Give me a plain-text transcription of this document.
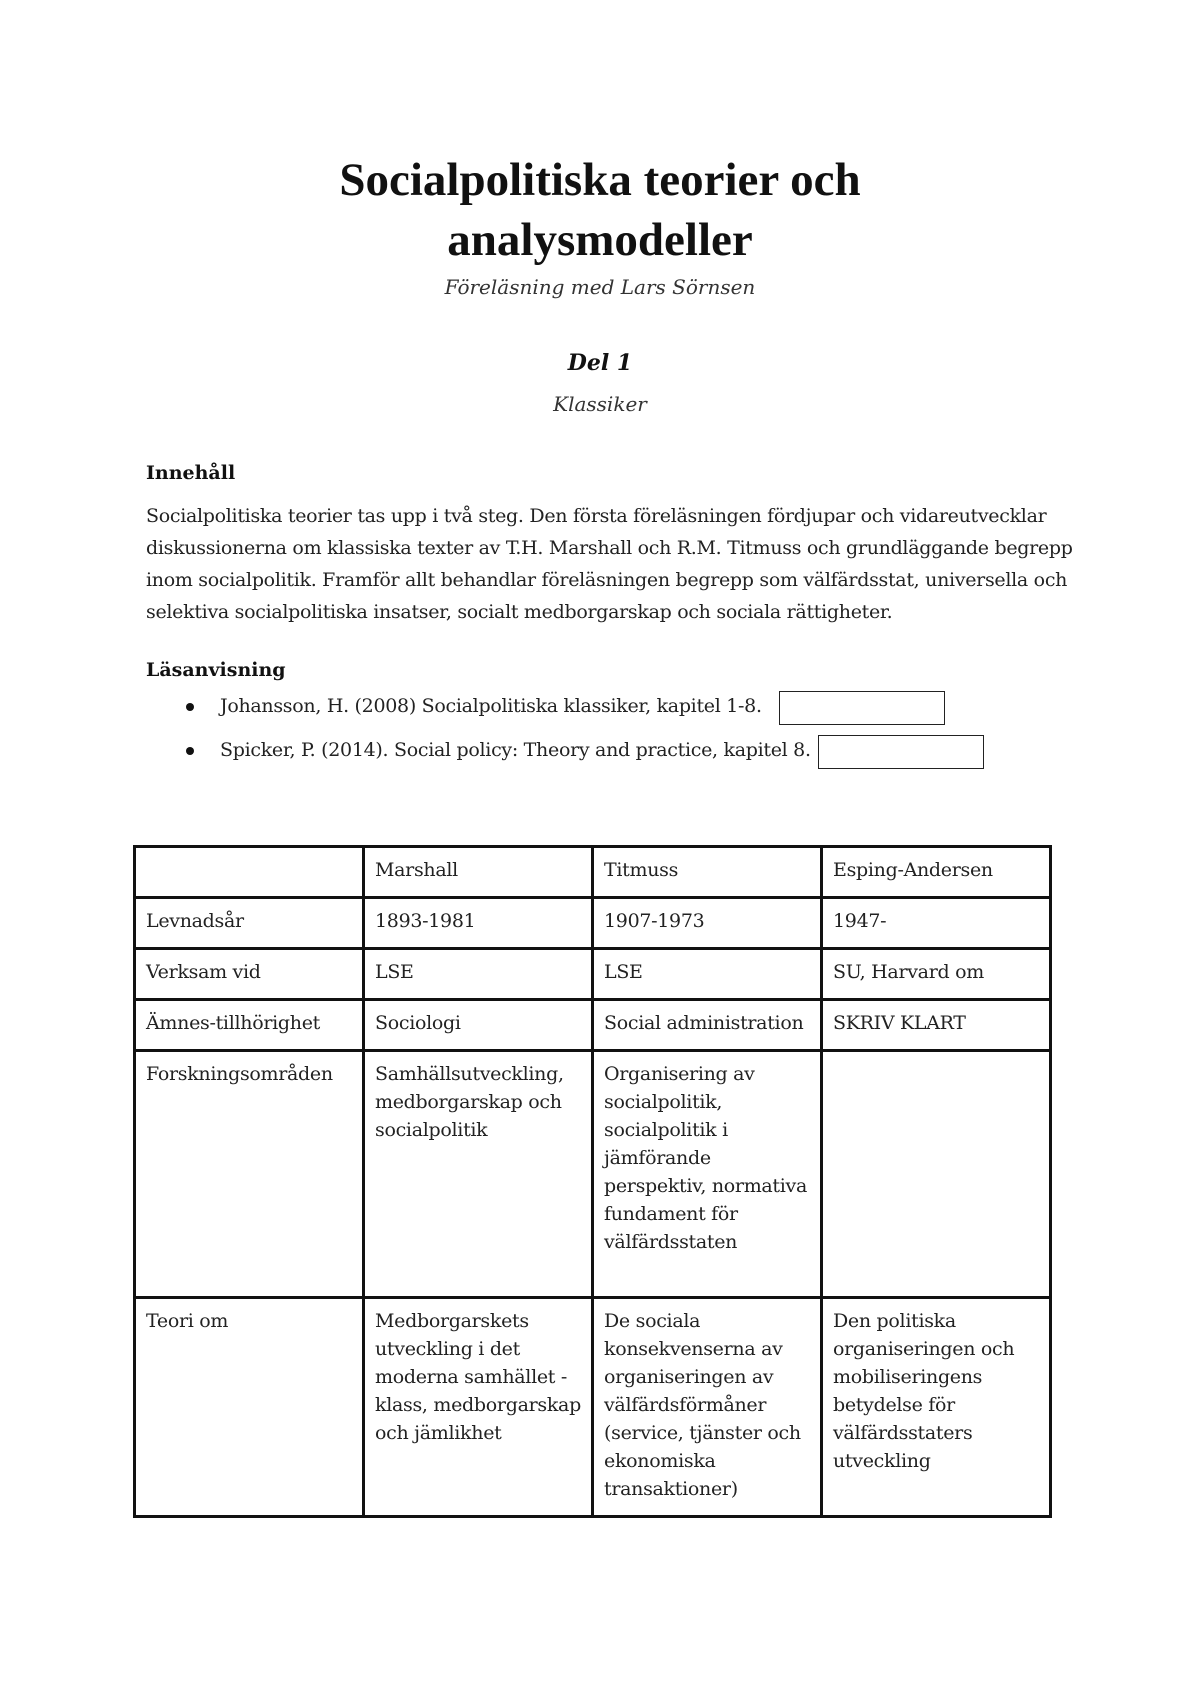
Socialpolitiska teorier och
analysmodeller

Föreläsning med Lars Sörnsen

Del 1

Klassiker

Innehåll

Socialpolitiska teorier tas upp i två steg. Den första föreläsningen fördjupar och vidareutvecklar diskussionerna om klassiska texter av T.H. Marshall och R.M. Titmuss och grundläggande begrepp inom socialpolitik. Framför allt behandlar föreläsningen begrepp som välfärdsstat, universella och selektiva socialpolitiska insatser, socialt medborgarskap och sociala rättigheter.

Läsanvisning

Johansson, H. (2008) Socialpolitiska klassiker, kapitel 1-8.
Spicker, P. (2014). Social policy: Theory and practice, kapitel 8.
	Marshall	Titmuss	Esping-Andersen
Levnadsår	1893-1981	1907-1973	1947-
Verksam vid	LSE	LSE	SU, Harvard om
Ämnes-tillhörighet	Sociologi	Social administration	SKRIV KLART
Forskningsområden	Samhällsutveckling, medborgarskap och socialpolitik	Organisering av socialpolitik, socialpolitik i jämförande perspektiv, normativa fundament för välfärdsstaten	
Teori om	Medborgarskets utveckling i det moderna samhället - klass, medborgarskap och jämlikhet	De sociala konsekvenserna av organiseringen av välfärdsförmåner (service, tjänster och ekonomiska transaktioner)	Den politiska organiseringen och mobiliseringens betydelse för välfärdsstaters utveckling
